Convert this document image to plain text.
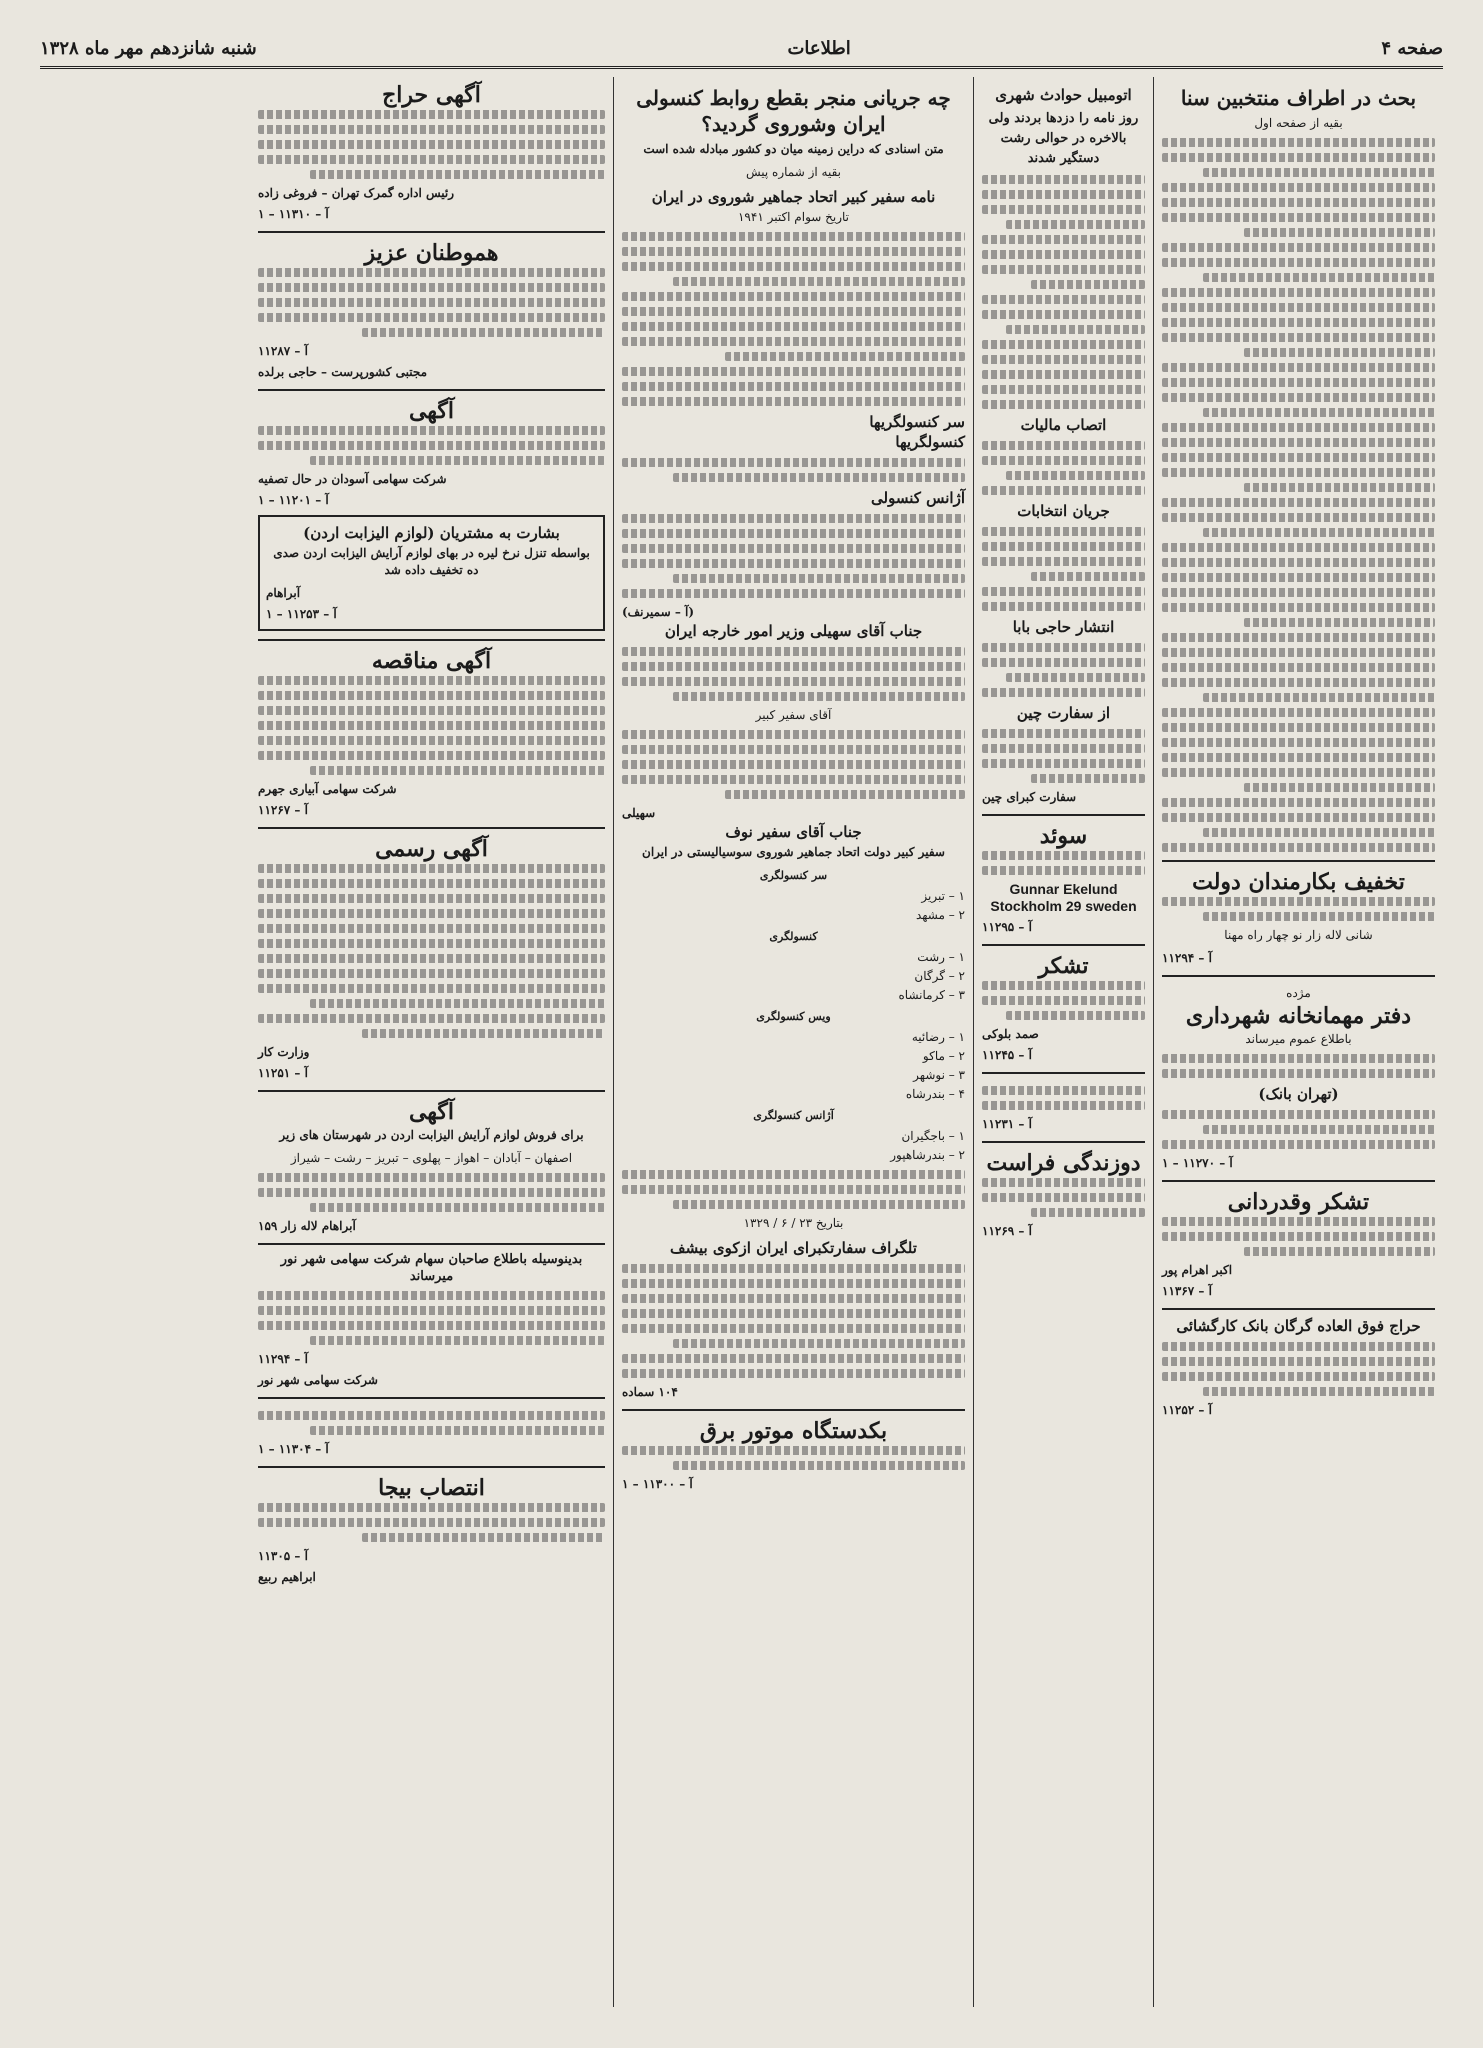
صفحه ۴
اطلاعات
شنبه شانزدهم مهر ماه ۱۳۲۸
بحث در اطراف منتخبین سنا
بقیه از صفحه اول
تخفیف بکارمندان دولت
شانی لاله زار نو چهار راه مهنا
آ – ۱۱۲۹۴
مژده
دفتر مهمانخانه شهرداری
باطلاع عموم میرساند
(تهران بانک)
آ – ۱۱۲۷۰ – ۱
تشکر وقدردانی
اکبر اهرام پور
آ – ۱۱۳۶۷
حراج فوق العاده گرگان بانک کارگشائی
آ – ۱۱۲۵۲
اتومبیل حوادث شهری
روز نامه را دزدها بردند ولی بالاخره در حوالی رشت دستگیر شدند
اتصاب مالیات
جریان انتخابات
انتشار حاجی بابا
از سفارت چین
سفارت کبرای چین
سوئد
Gunnar Ekelund
Stockholm 29 sweden
آ – ۱۱۲۹۵
تشکر
صمد بلوکی
آ – ۱۱۲۴۵
آ – ۱۱۲۳۱
دوزندگی فراست
آ – ۱۱۲۶۹
چه جریانی منجر بقطع روابط کنسولی ایران وشوروی گردید؟
متن اسنادی که دراین زمینه میان دو کشور مبادله شده است
بقیه از شماره پیش
نامه سفیر کبیر اتحاد جماهیر شوروی در ایران
تاریخ سوام اکتبر ۱۹۴۱
سر کنسولگریها
کنسولگریها
آژانس کنسولی
(آ – سمیرنف)
جناب آقای سهیلی وزیر امور خارجه ایران
آقای سفیر کبیر
سهیلی
جناب آقای سفیر نوف
سفیر کبیر دولت اتحاد جماهیر شوروی سوسیالیستی در ایران
سر کنسولگری
۱ – تبریز
۲ – مشهد
کنسولگری
۱ – رشت
۲ – گرگان
۳ – کرمانشاه
ویس کنسولگری
۱ – رضائیه
۲ – ماکو
۳ – نوشهر
۴ – بندرشاه
آژانس کنسولگری
۱ – باجگیران
۲ – بندرشاهپور
بتاریخ ۲۳ / ۶ / ۱۳۲۹
تلگراف سفارتکبرای ایران ازکوی بیشف
۱۰۴ سماده
بکدستگاه موتور برق
آ – ۱۱۳۰۰ – ۱
آگهی حراج
رئیس اداره گمرک تهران – فروغی زاده
آ – ۱۱۳۱۰ – ۱
هموطنان عزیز
آ – ۱۱۲۸۷
مجتبی کشورپرست – حاجی برلده
آگهی
شرکت سهامی آسودان در حال تصفیه
آ – ۱۱۲۰۱ – ۱
بشارت به مشتریان (لوازم الیزابت اردن)
بواسطه تنزل نرخ لیره در بهای لوازم آرایش الیزابت اردن صدی ده تخفیف داده شد
آبراهام
آ – ۱۱۲۵۳ – ۱
آگهی مناقصه
شرکت سهامی آبیاری جهرم
آ – ۱۱۲۶۷
آگهی رسمی
وزارت کار
آ – ۱۱۲۵۱
آگهی
برای فروش لوازم آرایش الیزابت اردن در شهرستان های زیر
اصفهان – آبادان – اهواز – پهلوی – تبریز – رشت – شیراز
آبراهام لاله زار ۱۵۹
بدینوسیله باطلاع صاحبان سهام شرکت سهامی شهر نور میرساند
آ – ۱۱۲۹۴
شرکت سهامی شهر نور
آ – ۱۱۳۰۴ – ۱
انتصاب بیجا
آ – ۱۱۳۰۵
ابراهیم ربیع
